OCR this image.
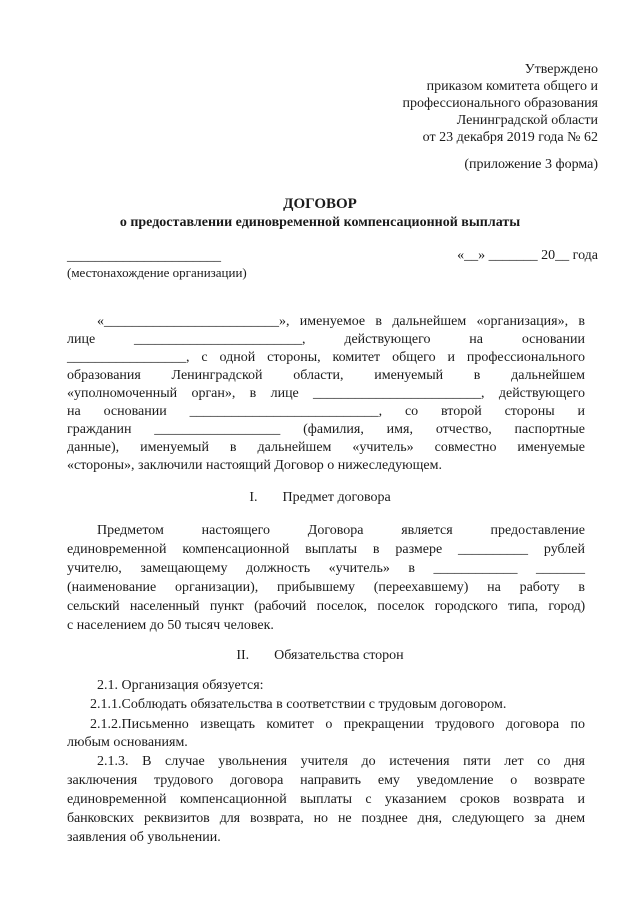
Утверждено
приказом комитета общего и
профессионального образования
Ленинградской области
от 23 декабря 2019 года № 62
(приложение 3 форма)
ДОГОВОР
о предоставлении единовременной компенсационной выплаты
______________________	«__» _______ 20__ года
(местонахождение организации)
«_________________________», именуемое в дальнейшем «организация», в
лице ________________________, действующего на основании
_________________, с одной стороны, комитет общего и профессионального
образования Ленинградской области, именуемый в дальнейшем
«уполномоченный орган», в лице ________________________, действующего
на основании ___________________________, со второй стороны и
гражданин __________________ (фамилия, имя, отчество, паспортные
данные), именуемый в дальнейшем «учитель» совместно именуемые
«стороны», заключили настоящий Договор о нижеследующем.
I. Предмет договора
Предметом настоящего Договора является предоставление
единовременной компенсационной выплаты в размере __________ рублей
учителю, замещающему должность «учитель» в ____________ _______
(наименование организации), прибывшему (переехавшему) на работу в
сельский населенный пункт (рабочий поселок, поселок городского типа, город)
с населением до 50 тысяч человек.
II. Обязательства сторон
2.1. Организация обязуется:
2.1.1.Соблюдать обязательства в соответствии с трудовым договором.
2.1.2.Письменно извещать комитет о прекращении трудового договора по
любым основаниям.
2.1.3. В случае увольнения учителя до истечения пяти лет со дня
заключения трудового договора направить ему уведомление о возврате
единовременной компенсационной выплаты с указанием сроков возврата и
банковских реквизитов для возврата, но не позднее дня, следующего за днем
заявления об увольнении.
